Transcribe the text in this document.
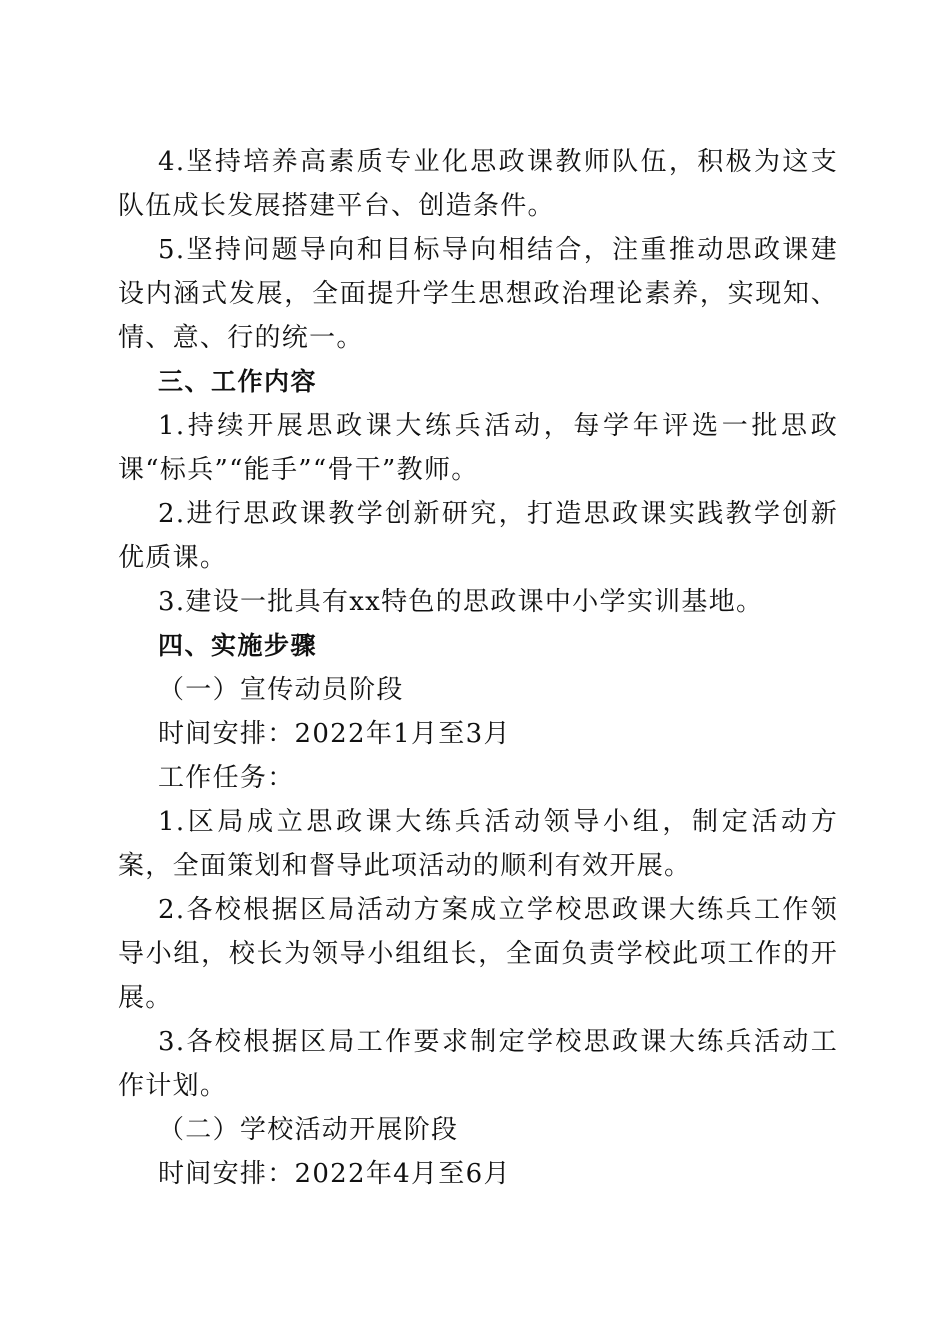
4.坚持培养高素质专业化思政课教师队伍，积极为这支队伍成长发展搭建平台、创造条件。

5.坚持问题导向和目标导向相结合，注重推动思政课建设内涵式发展，全面提升学生思想政治理论素养，实现知、情、意、行的统一。

三、工作内容

1.持续开展思政课大练兵活动，每学年评选一批思政课“标兵”“能手”“骨干”教师。

2.进行思政课教学创新研究，打造思政课实践教学创新优质课。

3.建设一批具有xx特色的思政课中小学实训基地。

四、实施步骤

（一）宣传动员阶段

时间安排：2022年1月至3月

工作任务：

1.区局成立思政课大练兵活动领导小组，制定活动方案，全面策划和督导此项活动的顺利有效开展。

2.各校根据区局活动方案成立学校思政课大练兵工作领导小组，校长为领导小组组长，全面负责学校此项工作的开展。

3.各校根据区局工作要求制定学校思政课大练兵活动工作计划。

（二）学校活动开展阶段

时间安排：2022年4月至6月
